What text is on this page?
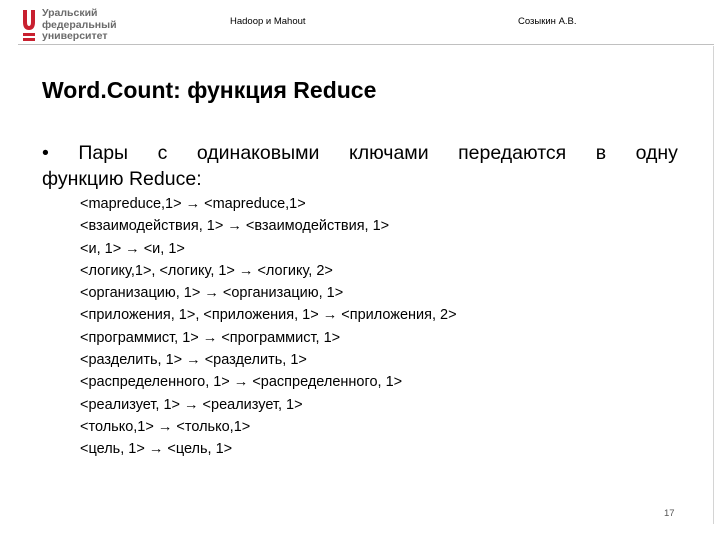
Уральский
федеральный
университет
Hadoop и Mahout	Созыкин А.В.
Word.Count: функция Reduce
• Пары с одинаковыми ключами передаются в одну
функцию Reduce:
<mapreduce,1> → <mapreduce,1>
<взаимодействия, 1> → <взаимодействия, 1>
<и, 1> → <и, 1>
<логику,1>, <логику, 1> → <логику, 2>
<организацию, 1> → <организацию, 1>
<приложения, 1>, <приложения, 1> → <приложения, 2>
<программист, 1> → <программист, 1>
<разделить, 1> → <разделить, 1>
<распределенного, 1> → <распределенного, 1>
<реализует, 1> → <реализует, 1>
<только,1> → <только,1>
<цель, 1> → <цель, 1>
17
